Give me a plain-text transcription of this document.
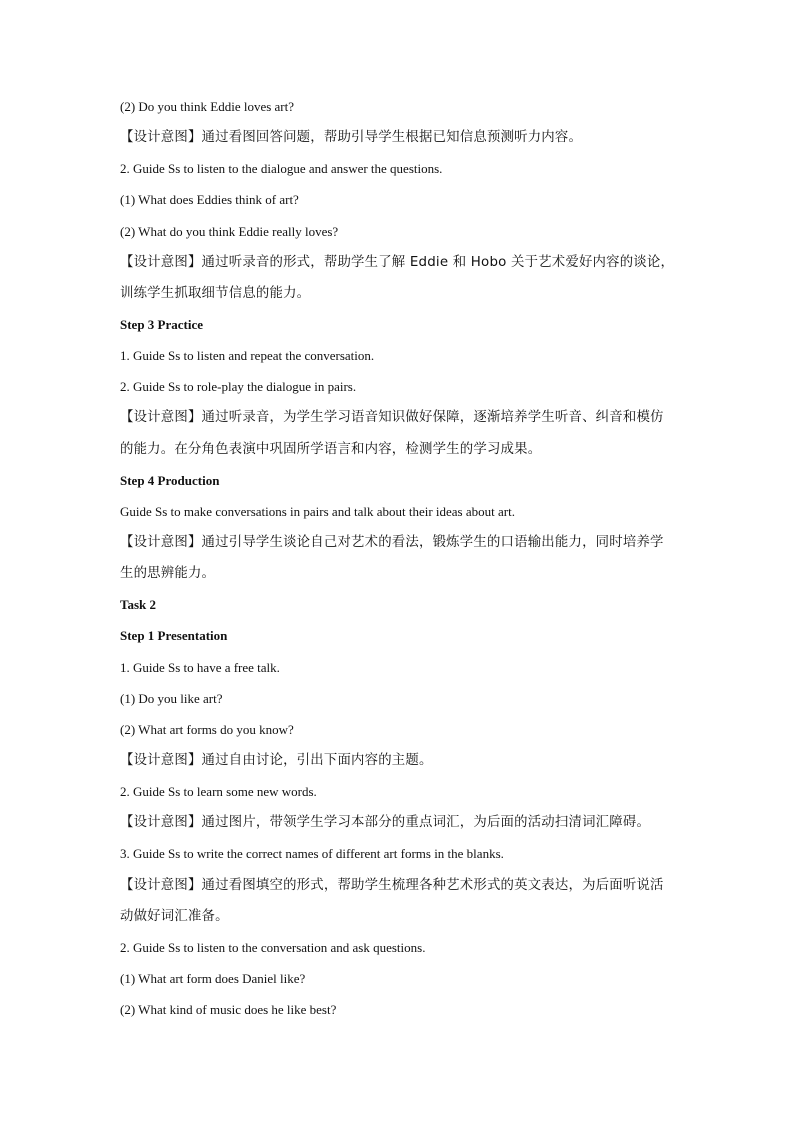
(2) Do you think Eddie loves art?
【设计意图】通过看图回答问题，帮助引导学生根据已知信息预测听力内容。
2. Guide Ss to listen to the dialogue and answer the questions.
(1) What does Eddies think of art?
(2) What do you think Eddie really loves?
【设计意图】通过听录音的形式，帮助学生了解 Eddie 和 Hobo 关于艺术爱好内容的谈论，
训练学生抓取细节信息的能力。
Step 3 Practice
1. Guide Ss to listen and repeat the conversation.
2. Guide Ss to role-play the dialogue in pairs.
【设计意图】通过听录音，为学生学习语音知识做好保障，逐渐培养学生听音、纠音和模仿
的能力。在分角色表演中巩固所学语言和内容，检测学生的学习成果。
Step 4 Production
Guide Ss to make conversations in pairs and talk about their ideas about art.
【设计意图】通过引导学生谈论自己对艺术的看法，锻炼学生的口语输出能力，同时培养学
生的思辨能力。
Task 2
Step 1 Presentation
1. Guide Ss to have a free talk.
(1) Do you like art?
(2) What art forms do you know?
【设计意图】通过自由讨论，引出下面内容的主题。
2. Guide Ss to learn some new words.
【设计意图】通过图片，带领学生学习本部分的重点词汇，为后面的活动扫清词汇障碍。
3. Guide Ss to write the correct names of different art forms in the blanks.
【设计意图】通过看图填空的形式，帮助学生梳理各种艺术形式的英文表达，为后面听说活
动做好词汇准备。
2. Guide Ss to listen to the conversation and ask questions.
(1) What art form does Daniel like?
(2) What kind of music does he like best?
